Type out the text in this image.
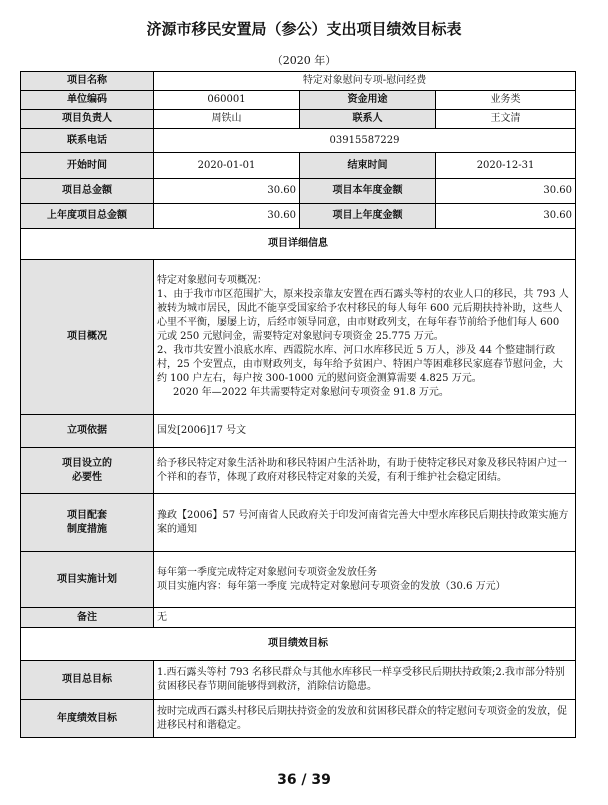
济源市移民安置局（参公）支出项目绩效目标表
（2020 年）
项目名称	特定对象慰问专项-慰问经费		
单位编码	060001	资金用途	业务类
项目负责人	周铁山	联系人	王文清
联系电话	03915587229		
开始时间	2020-01-01	结束时间	2020-12-31
项目总金额	30.60	项目本年度金额	30.60
上年度项目总金额	30.60	项目上年度金额	30.60
项目详细信息			
项目概况	特定对象慰问专项概况：

1、由于我市市区范围扩大，原来投亲靠友安置在西石露头等村的农业人口的移民，共 793 人被转为城市居民，因此不能享受国家给予农村移民的每人每年 600 元后期扶持补助，这些人心里不平衡，屡屡上访，后经市领导同意，由市财政列支，在每年春节前给予他们每人 600 元或 250 元慰问金，需要特定对象慰问专项资金 25.775 万元。

2、我市共安置小浪底水库、西霞院水库、河口水库移民近 5 万人，涉及 44 个整建制行政村，25 个安置点，由市财政列支，每年给予贫困户、特困户等困难移民家庭春节慰问金，大约 100 户左右，每户按 300-1000 元的慰问资金测算需要 4.825 万元。

2020 年—2022 年共需要特定对象慰问专项资金 91.8 万元。		

立项依据	国发[2006]17 号文		

项目设立的
必要性	给予移民特定对象生活补助和移民特困户生活补助，有助于使特定移民对象及移民特困户过一个祥和的春节，体现了政府对移民特定对象的关爱，有利于维护社会稳定团结。		

项目配套
制度措施	豫政【2006】57 号河南省人民政府关于印发河南省完善大中型水库移民后期扶持政策实施方案的通知		
项目实施计划	每年第一季度完成特定对象慰问专项资金发放任务

项目实施内容：每年第一季度 完成特定对象慰问专项资金的发放（30.6 万元）		

备注	无		
项目绩效目标			
项目总目标	1.西石露头等村 793 名移民群众与其他水库移民一样享受移民后期扶持政策;2.我市部分特别贫困移民春节期间能够得到救济，消除信访隐患。		
年度绩效目标	按时完成西石露头村移民后期扶持资金的发放和贫困移民群众的特定慰问专项资金的发放，促进移民村和谐稳定。		
36 / 39
